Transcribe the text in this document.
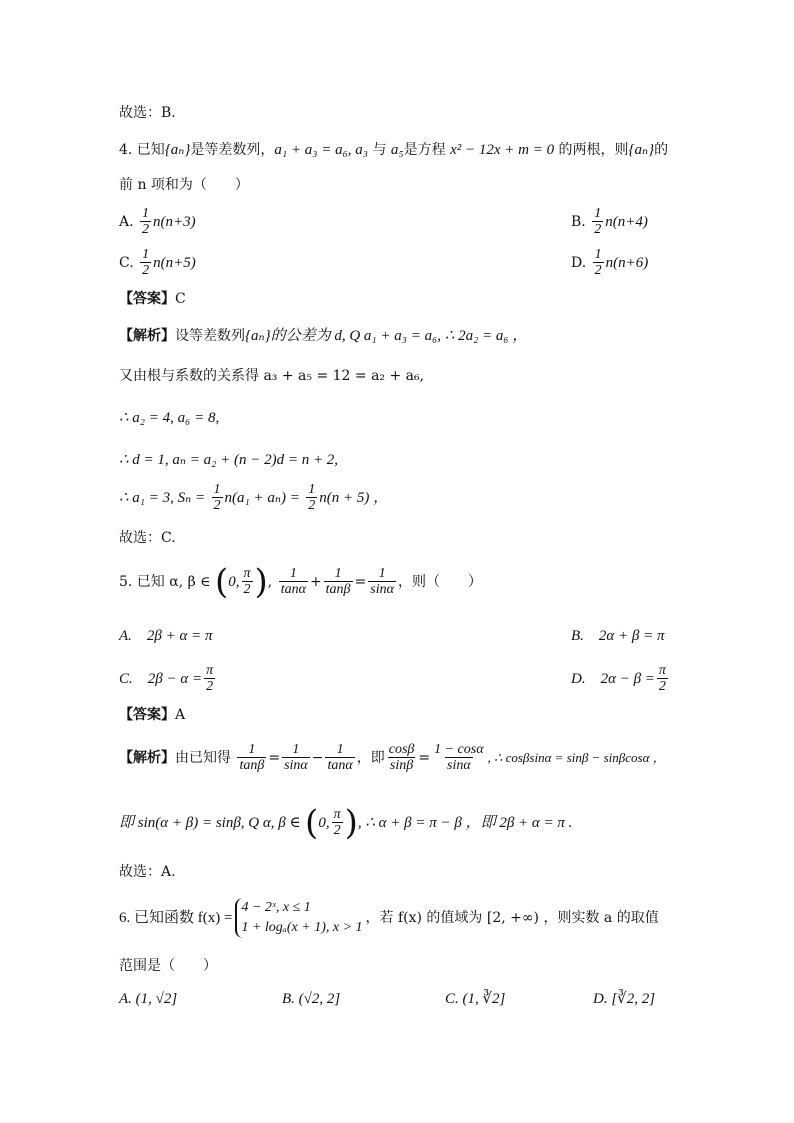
故选：B.
4. 已知{aₙ}是等差数列，a₁ + a₃ = a₆, a₃ 与 a₅是方程 x² − 12x + m = 0 的两根，则{aₙ}的
前 n 项和为（　　）
A. $\frac{1}{2} n(n+3)$	B. $\frac{1}{2} n(n+4)$
C. $\frac{1}{2} n(n+5)$	D. $\frac{1}{2} n(n+6)$
【答案】C
【解析】设等差数列{aₙ}的公差为 d, Q a₁ + a₃ = a₆, ∴ 2a₂ = a₆ ，
又由根与系数的关系得 a₃ + a₅ = 12 = a₂ + a₆,
∴ a₂ = 4, a₆ = 8,
∴ d = 1, aₙ = a₂ + (n − 2)d = n + 2,
∴ a₁ = 3, $S_n = \frac{1}{2} n(a_1 + a_n) = \frac{1}{2} n(n + 5)$ ，
故选：C.
5. 已知 α, β ∈ (0, $\frac{\pi}{2}$ ), $\frac{1}{\tan\alpha} + \frac{1}{\tan\beta} = \frac{1}{\sin\alpha}$ ，则（　　）
A.　2β + α = π	B.　2α + β = π
C.　$2\beta - \alpha = \frac{\pi}{2}$	D.　$2\alpha - \beta = \frac{\pi}{2}$
【答案】A
【解析】由已知得 $\frac{1}{\tan\beta} = \frac{1}{\sin\alpha} - \frac{1}{\tan\alpha}$ ，即 $\frac{\cos\beta}{\sin\beta} = \frac{1 - \cos\alpha}{\sin\alpha}$ , ∴ cosβsinα = sinβ − sinβcosα ，
即 sin(α + β) = sinβ, Q α, β ∈ (0, $\frac{\pi}{2}$ ), ∴ α + β = π − β ，即 2β + α = π .
故选：A.
6. 已知函数 f(x) =
4 − 2ˣ, x ≤ 1
1 + logₐ(x + 1), x > 1
，若 f(x) 的值域为 [2, +∞) ，则实数 a 的取值
范围是（　　）
A. (1, √2]	B. (√2, 2]	C. (1, ∛2]	D. [∛2, 2]
